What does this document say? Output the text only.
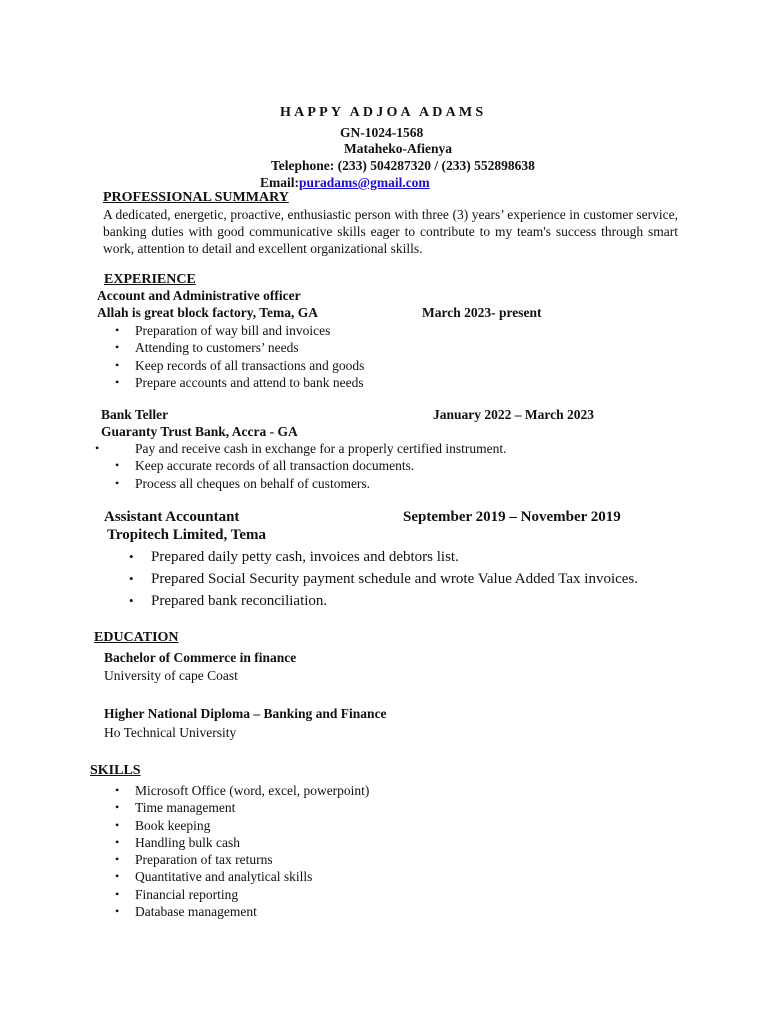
HAPPY ADJOA ADAMS
GN-1024-1568
Mataheko-Afienya
Telephone: (233) 504287320 / (233) 552898638
Email:puradams@gmail.com
PROFESSIONAL SUMMARY
A dedicated, energetic, proactive, enthusiastic person with three (3) years’ experience in customer service, banking duties with good communicative skills eager to contribute to my team's success through smart work, attention to detail and excellent organizational skills.
EXPERIENCE
Account and Administrative officer
Allah is great block factory, Tema, GA	March 2023- present
• Preparation of way bill and invoices
• Attending to customers’ needs
• Keep records of all transactions and goods
• Prepare accounts and attend to bank needs
Bank Teller	January 2022 – March 2023
Guaranty Trust Bank, Accra - GA
•	Pay and receive cash in exchange for a properly certified instrument.
• Keep accurate records of all transaction documents.
• Process all cheques on behalf of customers.
Assistant Accountant	September 2019 – November 2019
Tropitech Limited, Tema
• Prepared daily petty cash, invoices and debtors list.
• Prepared Social Security payment schedule and wrote Value Added Tax invoices.
• Prepared bank reconciliation.
EDUCATION
Bachelor of Commerce in finance
University of cape Coast
Higher National Diploma – Banking and Finance
Ho Technical University
SKILLS
• Microsoft Office (word, excel, powerpoint)
• Time management
• Book keeping
• Handling bulk cash
• Preparation of tax returns
• Quantitative and analytical skills
• Financial reporting
• Database management
